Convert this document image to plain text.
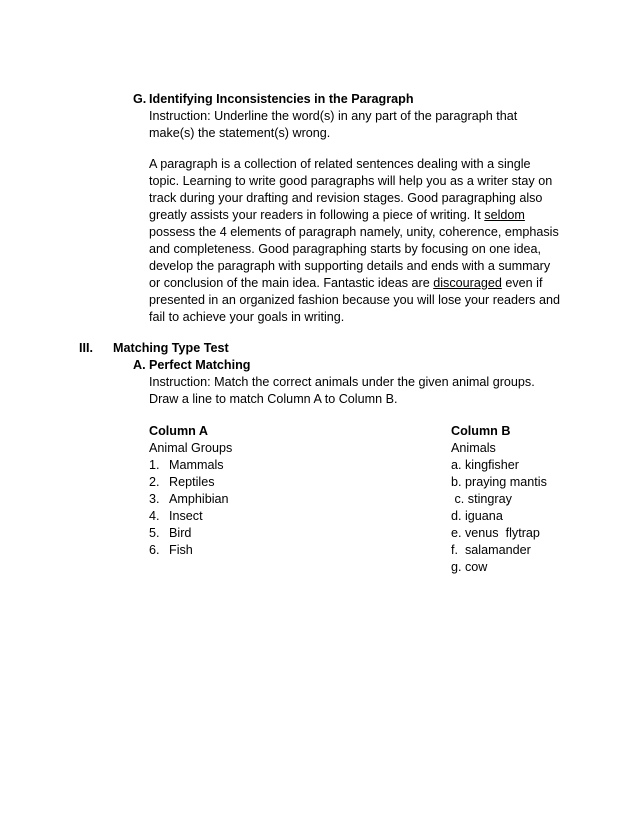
G. Identifying Inconsistencies in the Paragraph
Instruction: Underline the word(s) in any part of the paragraph that
make(s) the statement(s) wrong.
A paragraph is a collection of related sentences dealing with a single
topic. Learning to write good paragraphs will help you as a writer stay on
track during your drafting and revision stages. Good paragraphing also
greatly assists your readers in following a piece of writing. It seldom
possess the 4 elements of paragraph namely, unity, coherence, emphasis
and completeness. Good paragraphing starts by focusing on one idea,
develop the paragraph with supporting details and ends with a summary
or conclusion of the main idea. Fantastic ideas are discouraged even if
presented in an organized fashion because you will lose your readers and
fail to achieve your goals in writing.
III. Matching Type Test
A. Perfect Matching
Instruction: Match the correct animals under the given animal groups.
Draw a line to match Column A to Column B.
Column A
Animal Groups
1. Mammals
2. Reptiles
3. Amphibian
4. Insect
5. Bird
6. Fish
Column B
Animals
a. kingfisher
b. praying mantis
c. stingray
d. iguana
e. venus  flytrap
f.  salamander
g. cow
